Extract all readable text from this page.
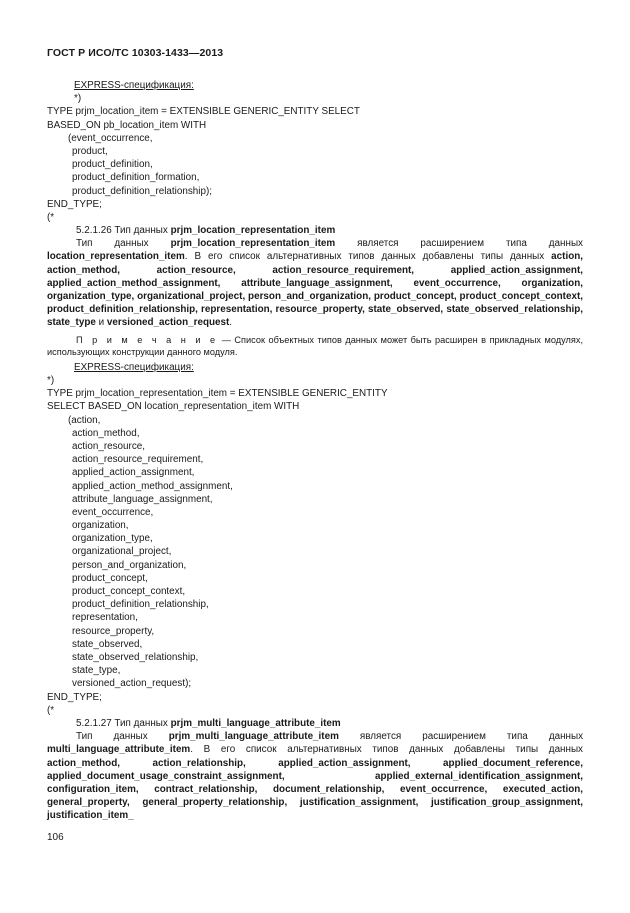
ГОСТ Р ИСО/ТС 10303-1433—2013
EXPRESS-спецификация:
*)
TYPE prjm_location_item = EXTENSIBLE GENERIC_ENTITY SELECT
BASED_ON pb_location_item WITH
(event_occurrence,
product,
product_definition,
product_definition_formation,
product_definition_relationship);
END_TYPE;
(*
5.2.1.26 Тип данных prjm_location_representation_item
Тип данных prjm_location_representation_item является расширением типа данных location_representation_item. В его список альтернативных типов данных добавлены типы данных action, action_method, action_resource, action_resource_requirement, applied_action_assignment, applied_action_method_assignment, attribute_language_assignment, event_occurrence, organization, organization_type, organizational_project, person_and_organization, product_concept, product_concept_context, product_definition_relationship, representation, resource_property, state_observed, state_observed_relationship, state_type и versioned_action_request.
П р и м е ч а н и е — Список объектных типов данных может быть расширен в прикладных модулях, использующих конструкции данного модуля.
EXPRESS-спецификация:
*)
TYPE prjm_location_representation_item = EXTENSIBLE GENERIC_ENTITY
SELECT BASED_ON location_representation_item WITH
(action,
action_method,
action_resource,
action_resource_requirement,
applied_action_assignment,
applied_action_method_assignment,
attribute_language_assignment,
event_occurrence,
organization,
organization_type,
organizational_project,
person_and_organization,
product_concept,
product_concept_context,
product_definition_relationship,
representation,
resource_property,
state_observed,
state_observed_relationship,
state_type,
versioned_action_request);
END_TYPE;
(*
5.2.1.27 Тип данных prjm_multi_language_attribute_item
Тип данных prjm_multi_language_attribute_item является расширением типа данных multi_language_attribute_item. В его список альтернативных типов данных добавлены типы данных action_method, action_relationship, applied_action_assignment, applied_document_reference, applied_document_usage_constraint_assignment, applied_external_identification_assignment, configuration_item, contract_relationship, document_relationship, event_occurrence, executed_action, general_property, general_property_relationship, justification_assignment, justification_group_assignment, justification_item_
106
